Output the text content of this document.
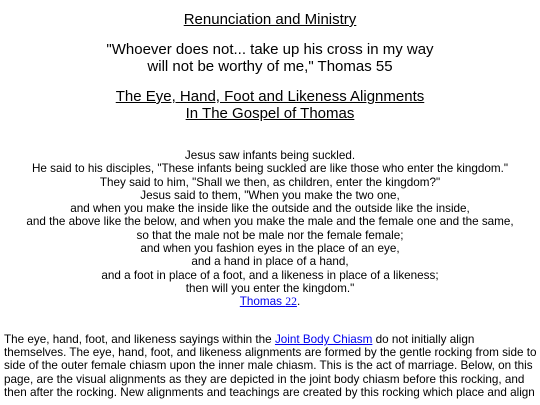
Renunciation and Ministry
"Whoever does not... take up his cross in my way
will not be worthy of me," Thomas 55
The Eye, Hand, Foot and Likeness Alignments
In The Gospel of Thomas
Jesus saw infants being suckled.
He said to his disciples, "These infants being suckled are like those who enter the kingdom."
They said to him, "Shall we then, as children, enter the kingdom?"
Jesus said to them, "When you make the two one,
and when you make the inside like the outside and the outside like the inside,
and the above like the below, and when you make the male and the female one and the same,
so that the male not be male nor the female female;
and when you fashion eyes in the place of an eye,
and a hand in place of a hand,
and a foot in place of a foot, and a likeness in place of a likeness;
then will you enter the kingdom."
Thomas 22.
The eye, hand, foot, and likeness sayings within the Joint Body Chiasm do not initially align
themselves. The eye, hand, foot, and likeness alignments are formed by the gentle rocking from side to
side of the outer female chiasm upon the inner male chiasm. This is the act of marriage. Below, on this
page, are the visual alignments as they are depicted in the joint body chiasm before this rocking, and
then after the rocking. New alignments and teachings are created by this rocking which place and align
